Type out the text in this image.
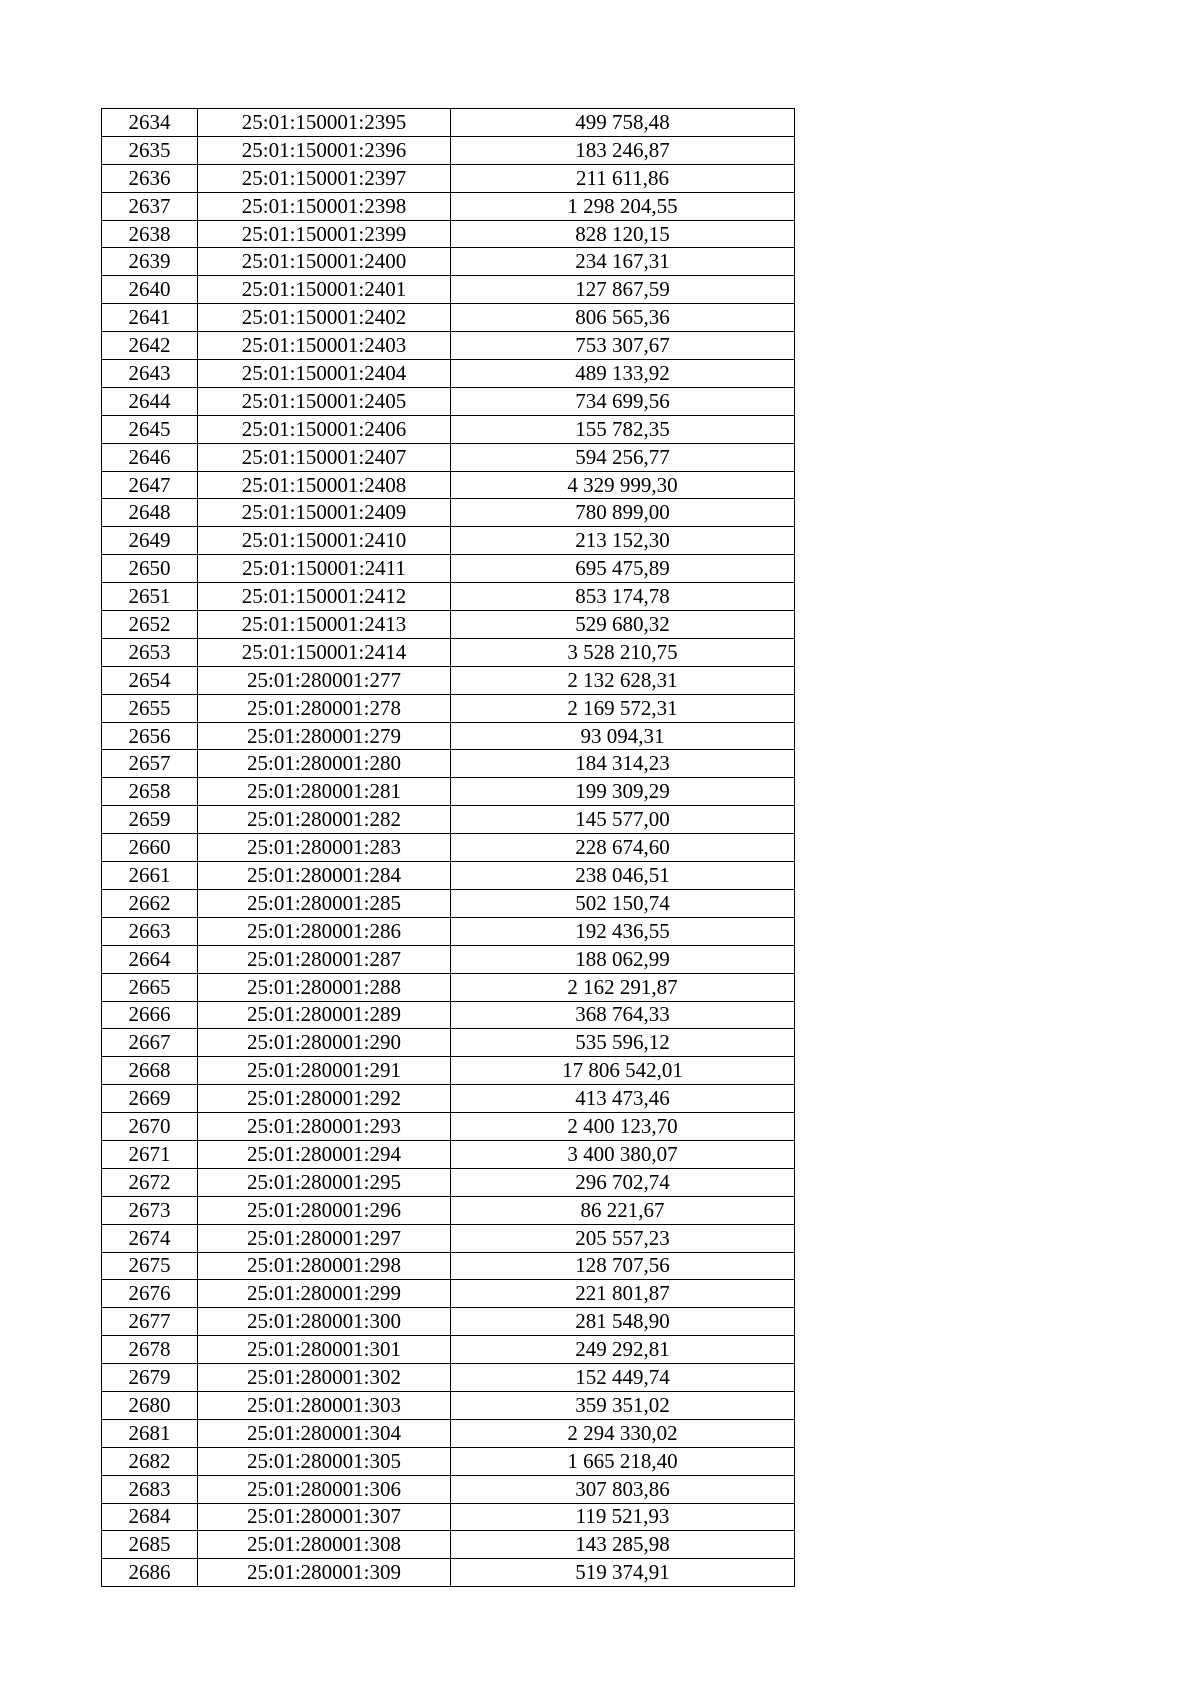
2634	25:01:150001:2395	499 758,48
2635	25:01:150001:2396	183 246,87
2636	25:01:150001:2397	211 611,86
2637	25:01:150001:2398	1 298 204,55
2638	25:01:150001:2399	828 120,15
2639	25:01:150001:2400	234 167,31
2640	25:01:150001:2401	127 867,59
2641	25:01:150001:2402	806 565,36
2642	25:01:150001:2403	753 307,67
2643	25:01:150001:2404	489 133,92
2644	25:01:150001:2405	734 699,56
2645	25:01:150001:2406	155 782,35
2646	25:01:150001:2407	594 256,77
2647	25:01:150001:2408	4 329 999,30
2648	25:01:150001:2409	780 899,00
2649	25:01:150001:2410	213 152,30
2650	25:01:150001:2411	695 475,89
2651	25:01:150001:2412	853 174,78
2652	25:01:150001:2413	529 680,32
2653	25:01:150001:2414	3 528 210,75
2654	25:01:280001:277	2 132 628,31
2655	25:01:280001:278	2 169 572,31
2656	25:01:280001:279	93 094,31
2657	25:01:280001:280	184 314,23
2658	25:01:280001:281	199 309,29
2659	25:01:280001:282	145 577,00
2660	25:01:280001:283	228 674,60
2661	25:01:280001:284	238 046,51
2662	25:01:280001:285	502 150,74
2663	25:01:280001:286	192 436,55
2664	25:01:280001:287	188 062,99
2665	25:01:280001:288	2 162 291,87
2666	25:01:280001:289	368 764,33
2667	25:01:280001:290	535 596,12
2668	25:01:280001:291	17 806 542,01
2669	25:01:280001:292	413 473,46
2670	25:01:280001:293	2 400 123,70
2671	25:01:280001:294	3 400 380,07
2672	25:01:280001:295	296 702,74
2673	25:01:280001:296	86 221,67
2674	25:01:280001:297	205 557,23
2675	25:01:280001:298	128 707,56
2676	25:01:280001:299	221 801,87
2677	25:01:280001:300	281 548,90
2678	25:01:280001:301	249 292,81
2679	25:01:280001:302	152 449,74
2680	25:01:280001:303	359 351,02
2681	25:01:280001:304	2 294 330,02
2682	25:01:280001:305	1 665 218,40
2683	25:01:280001:306	307 803,86
2684	25:01:280001:307	119 521,93
2685	25:01:280001:308	143 285,98
2686	25:01:280001:309	519 374,91
